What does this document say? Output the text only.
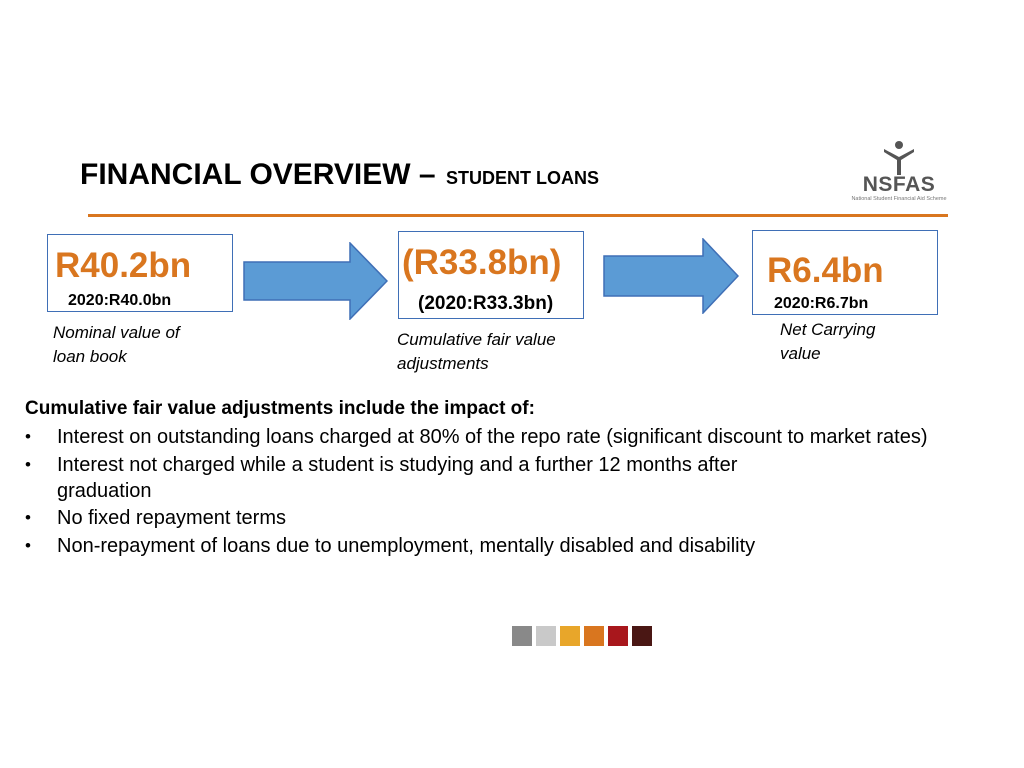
FINANCIAL OVERVIEW – STUDENT LOANS	NSFAS
National Student Financial Aid Scheme
R40.2bn
2020:R40.0bn
Nominal value of
loan book
(R33.8bn)
(2020:R33.3bn)
Cumulative fair value
adjustments
R6.4bn
2020:R6.7bn
Net Carrying
value
Cumulative fair value adjustments include the impact of:
•	Interest on outstanding loans charged at 80% of the repo rate (significant discount to market rates)
•	Interest not charged while a student is studying and a further 12 months after graduation
•	No fixed repayment terms
•	Non-repayment of loans due to unemployment, mentally disabled and disability
